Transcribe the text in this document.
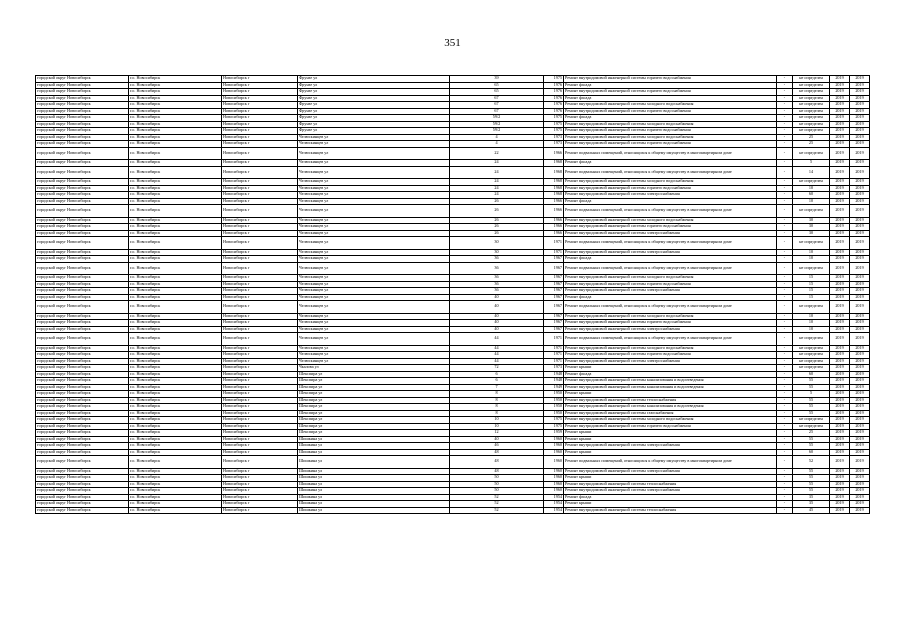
351
городской округ Новосибирск	г.о. Новосибирск	Новосибирск г	Фрунзе ул	39	1975	Ремонт внутридомовой инженерной системы горячего водоснабжения	-	не определен	2019	2019
городской округ Новосибирск	г.о. Новосибирск	Новосибирск г	Фрунзе ул	65	1976	Ремонт фасада	-	не определен	2019	2019
городской округ Новосибирск	г.о. Новосибирск	Новосибирск г	Фрунзе ул	65	1976	Ремонт внутридомовой инженерной системы горячего водоснабжения	-	не определен	2019	2019
городской округ Новосибирск	г.о. Новосибирск	Новосибирск г	Фрунзе ул	67	1976	Ремонт фасада	-	не определен	2019	2019
городской округ Новосибирск	г.о. Новосибирск	Новосибирск г	Фрунзе ул	67	1976	Ремонт внутридомовой инженерной системы холодного водоснабжения	-	не определен	2019	2019
городской округ Новосибирск	г.о. Новосибирск	Новосибирск г	Фрунзе ул	67	1976	Ремонт внутридомовой инженерной системы горячего водоснабжения	-	не определен	2019	2019
городской округ Новосибирск	г.о. Новосибирск	Новосибирск г	Фрунзе ул	59/2	1975	Ремонт фасада	-	не определен	2019	2019
городской округ Новосибирск	г.о. Новосибирск	Новосибирск г	Фрунзе ул	59/2	1975	Ремонт внутридомовой инженерной системы холодного водоснабжения	-	не определен	2019	2019
городской округ Новосибирск	г.о. Новосибирск	Новосибирск г	Фрунзе ул	59/2	1975	Ремонт внутридомовой инженерной системы горячего водоснабжения	-	не определен	2019	2019
городской округ Новосибирск	г.о. Новосибирск	Новосибирск г	Челюскинцев ул	4	1973	Ремонт внутридомовой инженерной системы холодного водоснабжения	-	25	2019	2019
городской округ Новосибирск	г.о. Новосибирск	Новосибирск г	Челюскинцев ул	4	1973	Ремонт внутридомовой инженерной системы горячего водоснабжения	-	25	2019	2019
городской округ Новосибирск	г.о. Новосибирск	Новосибирск г	Челюскинцев ул	22	1966	Ремонт подвальных помещений, относящихся к общему имуществу в многоквартирном доме	-	не определен	2019	2019
городской округ Новосибирск	г.о. Новосибирск	Новосибирск г	Челюскинцев ул	24	1968	Ремонт фасада	-	5	2019	2019
городской округ Новосибирск	г.о. Новосибирск	Новосибирск г	Челюскинцев ул	24	1968	Ремонт подвальных помещений, относящихся к общему имуществу в многоквартирном доме	-	14	2019	2019
городской округ Новосибирск	г.о. Новосибирск	Новосибирск г	Челюскинцев ул	24	1968	Ремонт внутридомовой инженерной системы холодного водоснабжения	-	не определен	2019	2019
городской округ Новосибирск	г.о. Новосибирск	Новосибирск г	Челюскинцев ул	24	1968	Ремонт внутридомовой инженерной системы горячего водоснабжения	-	10	2019	2019
городской округ Новосибирск	г.о. Новосибирск	Новосибирск г	Челюскинцев ул	24	1968	Ремонт внутридомовой инженерной системы электроснабжения	-	60	2019	2019
городской округ Новосибирск	г.о. Новосибирск	Новосибирск г	Челюскинцев ул	26	1966	Ремонт фасада	-	10	2019	2019
городской округ Новосибирск	г.о. Новосибирск	Новосибирск г	Челюскинцев ул	26	1966	Ремонт подвальных помещений, относящихся к общему имуществу в многоквартирном доме	-	не определен	2019	2019
городской округ Новосибирск	г.о. Новосибирск	Новосибирск г	Челюскинцев ул	26	1966	Ремонт внутридомовой инженерной системы холодного водоснабжения	-	30	2019	2019
городской округ Новосибирск	г.о. Новосибирск	Новосибирск г	Челюскинцев ул	26	1966	Ремонт внутридомовой инженерной системы горячего водоснабжения	-	30	2019	2019
городской округ Новосибирск	г.о. Новосибирск	Новосибирск г	Челюскинцев ул	26	1966	Ремонт внутридомовой инженерной системы электроснабжения	-	30	2019	2019
городской округ Новосибирск	г.о. Новосибирск	Новосибирск г	Челюскинцев ул	30	1971	Ремонт подвальных помещений, относящихся к общему имуществу в многоквартирном доме	-	не определен	2019	2019
городской округ Новосибирск	г.о. Новосибирск	Новосибирск г	Челюскинцев ул	30	1971	Ремонт внутридомовой инженерной системы электроснабжения	-	10	2019	2019
городской округ Новосибирск	г.о. Новосибирск	Новосибирск г	Челюскинцев ул	36	1967	Ремонт фасада	-	10	2019	2019
городской округ Новосибирск	г.о. Новосибирск	Новосибирск г	Челюскинцев ул	36	1967	Ремонт подвальных помещений, относящихся к общему имуществу в многоквартирном доме	-	не определен	2019	2019
городской округ Новосибирск	г.о. Новосибирск	Новосибирск г	Челюскинцев ул	36	1967	Ремонт внутридомовой инженерной системы холодного водоснабжения	-	15	2019	2019
городской округ Новосибирск	г.о. Новосибирск	Новосибирск г	Челюскинцев ул	36	1967	Ремонт внутридомовой инженерной системы горячего водоснабжения	-	15	2019	2019
городской округ Новосибирск	г.о. Новосибирск	Новосибирск г	Челюскинцев ул	36	1967	Ремонт внутридомовой инженерной системы электроснабжения	-	15	2019	2019
городской округ Новосибирск	г.о. Новосибирск	Новосибирск г	Челюскинцев ул	40	1967	Ремонт фасада	-	15	2019	2019
городской округ Новосибирск	г.о. Новосибирск	Новосибирск г	Челюскинцев ул	40	1967	Ремонт подвальных помещений, относящихся к общему имуществу в многоквартирном доме	-	не определен	2019	2019
городской округ Новосибирск	г.о. Новосибирск	Новосибирск г	Челюскинцев ул	40	1967	Ремонт внутридомовой инженерной системы холодного водоснабжения	-	10	2019	2019
городской округ Новосибирск	г.о. Новосибирск	Новосибирск г	Челюскинцев ул	40	1967	Ремонт внутридомовой инженерной системы горячего водоснабжения	-	10	2019	2019
городской округ Новосибирск	г.о. Новосибирск	Новосибирск г	Челюскинцев ул	40	1967	Ремонт внутридомовой инженерной системы электроснабжения	-	10	2019	2019
городской округ Новосибирск	г.о. Новосибирск	Новосибирск г	Челюскинцев ул	44	1971	Ремонт подвальных помещений, относящихся к общему имуществу в многоквартирном доме	-	не определен	2019	2019
городской округ Новосибирск	г.о. Новосибирск	Новосибирск г	Челюскинцев ул	44	1971	Ремонт внутридомовой инженерной системы холодного водоснабжения	-	не определен	2019	2019
городской округ Новосибирск	г.о. Новосибирск	Новосибирск г	Челюскинцев ул	44	1971	Ремонт внутридомовой инженерной системы горячего водоснабжения	-	не определен	2019	2019
городской округ Новосибирск	г.о. Новосибирск	Новосибирск г	Челюскинцев ул	44	1971	Ремонт внутридомовой инженерной системы электроснабжения	-	не определен	2019	2019
городской округ Новосибирск	г.о. Новосибирск	Новосибирск г	Чкалова ул	72	1973	Ремонт крыши	-	не определен	2019	2019
городской округ Новосибирск	г.о. Новосибирск	Новосибирск г	Шекспира ул	6	1948	Ремонт фасада	-	60	2019	2019
городской округ Новосибирск	г.о. Новосибирск	Новосибирск г	Шекспира ул	6	1948	Ремонт внутридомовой инженерной системы канализования и водоотведения	-	55	2019	2019
городской округ Новосибирск	г.о. Новосибирск	Новосибирск г	Шекспира ул	7	1949	Ремонт внутридомовой инженерной системы канализования и водоотведения	-	55	2019	2019
городской округ Новосибирск	г.о. Новосибирск	Новосибирск г	Шекспира ул	8	1950	Ремонт крыши	-	5	2019	2019
городской округ Новосибирск	г.о. Новосибирск	Новосибирск г	Шекспира ул	8	1950	Ремонт внутридомовой инженерной системы теплоснабжения	-	55	2019	2019
городской округ Новосибирск	г.о. Новосибирск	Новосибирск г	Шекспира ул	8	1950	Ремонт внутридомовой инженерной системы канализования и водоотведения	-	55	2019	2019
городской округ Новосибирск	г.о. Новосибирск	Новосибирск г	Шекспира ул	8	1950	Ремонт внутридомовой инженерной системы газоснабжения	-	55	2019	2019
городской округ Новосибирск	г.о. Новосибирск	Новосибирск г	Шекспира ул	10	1975	Ремонт внутридомовой инженерной системы холодного водоснабжения	-	не определен	2019	2019
городской округ Новосибирск	г.о. Новосибирск	Новосибирск г	Шекспира ул	10	1975	Ремонт внутридомовой инженерной системы горячего водоснабжения	-	не определен	2019	2019
городской округ Новосибирск	г.о. Новосибирск	Новосибирск г	Шекспира ул	12	1959	Ремонт крыши	-	25	2019	2019
городской округ Новосибирск	г.о. Новосибирск	Новосибирск г	Шишкина ул	40	1960	Ремонт крыши	-	55	2019	2019
городской округ Новосибирск	г.о. Новосибирск	Новосибирск г	Шишкина ул	46	1960	Ремонт внутридомовой инженерной системы электроснабжения	-	55	2019	2019
городской округ Новосибирск	г.о. Новосибирск	Новосибирск г	Шишкина ул	48	1960	Ремонт крыши	-	60	2019	2019
городской округ Новосибирск	г.о. Новосибирск	Новосибирск г	Шишкина ул	48	1960	Ремонт подвальных помещений, относящихся к общему имуществу в многоквартирном доме	-	52	2019	2019
городской округ Новосибирск	г.о. Новосибирск	Новосибирск г	Шишкина ул	48	1960	Ремонт внутридомовой инженерной системы электроснабжения	-	55	2019	2019
городской округ Новосибирск	г.о. Новосибирск	Новосибирск г	Шишкина ул	50	1960	Ремонт крыши	-	55	2019	2019
городской округ Новосибирск	г.о. Новосибирск	Новосибирск г	Шишкина ул	50	1960	Ремонт внутридомовой инженерной системы теплоснабжения	-	55	2019	2019
городской округ Новосибирск	г.о. Новосибирск	Новосибирск г	Шишкина ул	50	1960	Ремонт внутридомовой инженерной системы электроснабжения	-	55	2019	2019
городской округ Новосибирск	г.о. Новосибирск	Новосибирск г	Шишкина ул	52	1954	Ремонт фасада	-	35	2019	2019
городской округ Новосибирск	г.о. Новосибирск	Новосибирск г	Шишкина ул	52	1954	Ремонт крыши	-	35	2019	2019
городской округ Новосибирск	г.о. Новосибирск	Новосибирск г	Шишкина ул	52	1954	Ремонт внутридомовой инженерной системы теплоснабжения	-	45	2019	2019
